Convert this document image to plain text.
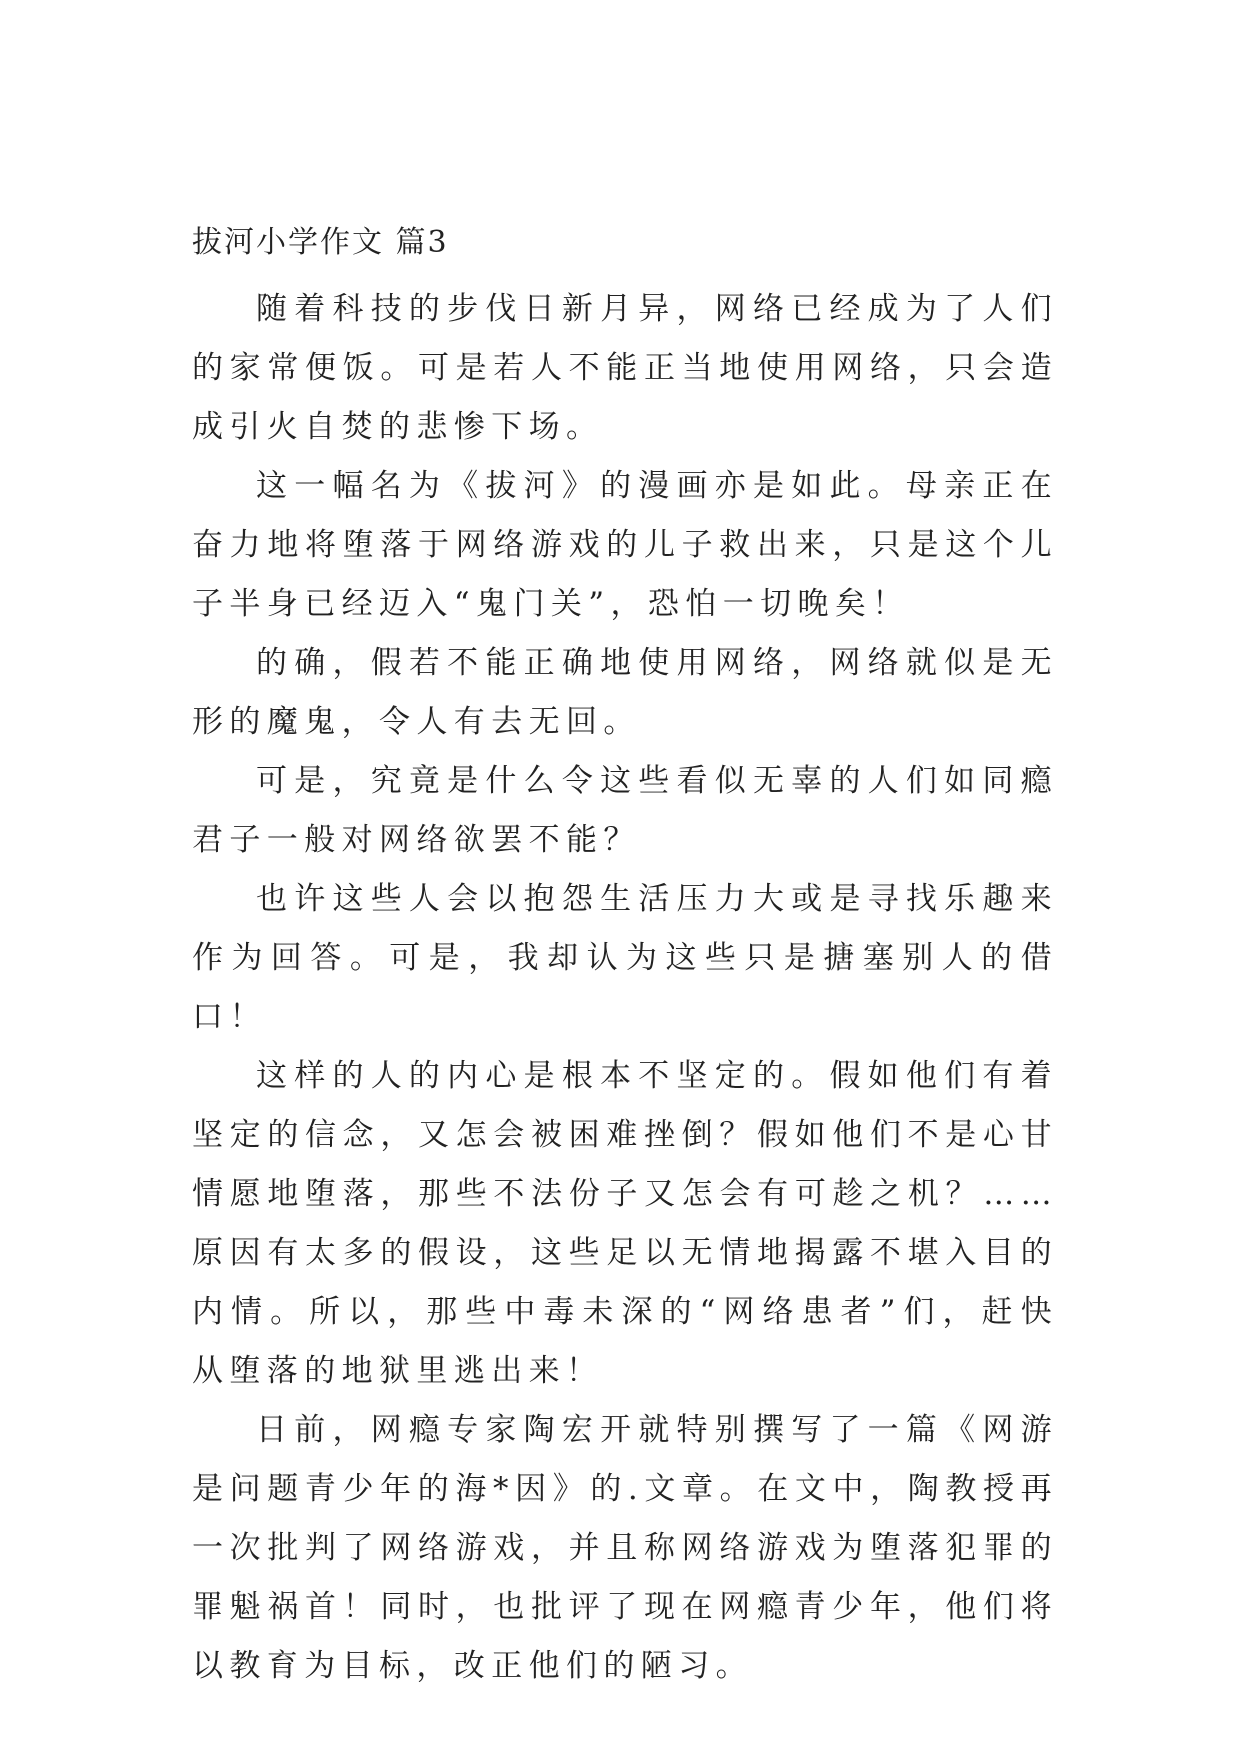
拔河小学作文 篇3

随着科技的步伐日新月异，网络已经成为了人们的家常便饭。可是若人不能正当地使用网络，只会造成引火自焚的悲惨下场。

这一幅名为《拔河》的漫画亦是如此。母亲正在奋力地将堕落于网络游戏的儿子救出来，只是这个儿子半身已经迈入“鬼门关”，恐怕一切晚矣！

的确，假若不能正确地使用网络，网络就似是无形的魔鬼，令人有去无回。

可是，究竟是什么令这些看似无辜的人们如同瘾君子一般对网络欲罢不能？

也许这些人会以抱怨生活压力大或是寻找乐趣来作为回答。可是，我却认为这些只是搪塞别人的借口！

这样的人的内心是根本不坚定的。假如他们有着坚定的信念，又怎会被困难挫倒？假如他们不是心甘情愿地堕落，那些不法份子又怎会有可趁之机？……原因有太多的假设，这些足以无情地揭露不堪入目的内情。所以，那些中毒未深的“网络患者”们，赶快从堕落的地狱里逃出来！

日前，网瘾专家陶宏开就特别撰写了一篇《网游是问题青少年的海*因》的.文章。在文中，陶教授再一次批判了网络游戏，并且称网络游戏为堕落犯罪的罪魁祸首！同时，也批评了现在网瘾青少年，他们将以教育为目标，改正他们的陋习。
